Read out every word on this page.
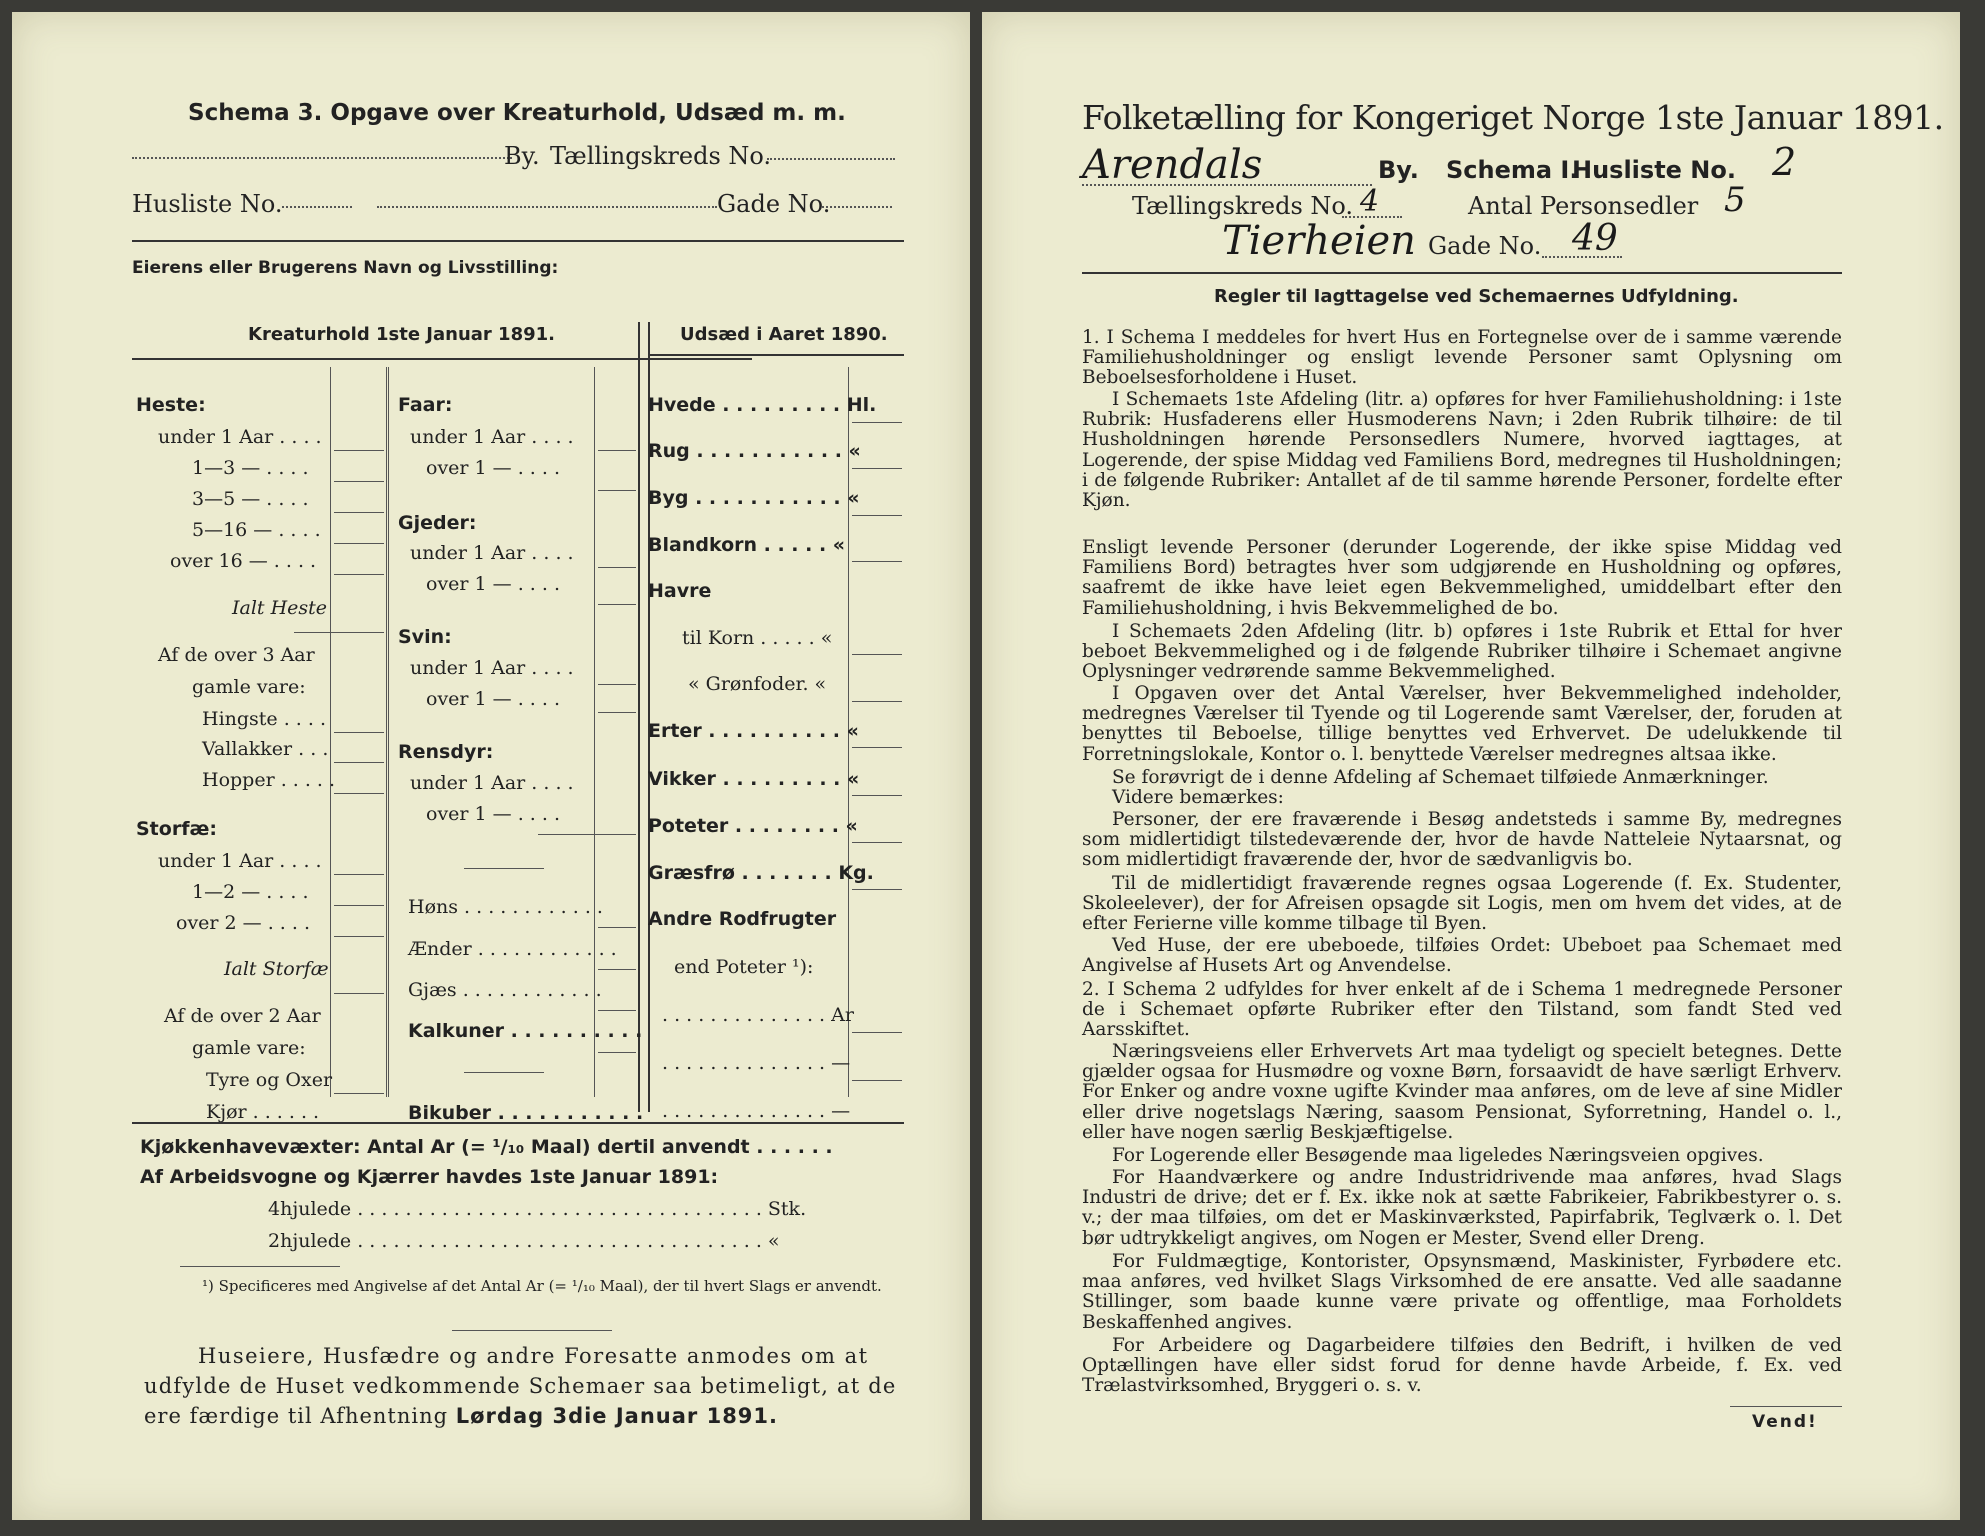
Schema 3. Opgave over Kreaturhold, Udsæd m. m.
By. Tællingskreds No.
Husliste No.	Gade No.
Eierens eller Brugerens Navn og Livsstilling:
Kreaturhold 1ste Januar 1891.	Udsæd i Aaret 1890.
Heste:
under 1 Aar . . . .
1—3 — . . . .
3—5 — . . . .
5—16 — . . . .
over 16 — . . . .
Ialt Heste
Af de over 3 Aar
gamle vare:
Hingste . . . .
Vallakker . . .
Hopper . . . . .
Storfæ:
under 1 Aar . . . .
1—2 — . . . .
over 2 — . . . .
Ialt Storfæ
Af de over 2 Aar
gamle vare:
Tyre og Oxer
Kjør . . . . . .
Faar:
under 1 Aar . . . .
over 1 — . . . .
Gjeder:
under 1 Aar . . . .
over 1 — . . . .
Svin:
under 1 Aar . . . .
over 1 — . . . .
Rensdyr:
under 1 Aar . . . .
over 1 — . . . .
Høns . . . . . . . . . . . .
Ænder . . . . . . . . . . . .
Gjæs . . . . . . . . . . . .
Kalkuner . . . . . . . . . .
Bikuber . . . . . . . . . . .
Hvede . . . . . . . . . Hl.
Rug . . . . . . . . . . . «
Byg . . . . . . . . . . . «
Blandkorn . . . . . «
Havre
til Korn . . . . . «
« Grønfoder. «
Erter . . . . . . . . . . «
Vikker . . . . . . . . . «
Poteter . . . . . . . . «
Græsfrø . . . . . . . Kg.
Andre Rodfrugter
end Poteter ¹):
. . . . . . . . . . . . . . Ar
. . . . . . . . . . . . . . —
. . . . . . . . . . . . . . —
Kjøkkenhavevæxter: Antal Ar (= ¹/₁₀ Maal) dertil anvendt . . . . . .
Af Arbeidsvogne og Kjærrer havdes 1ste Januar 1891:
4hjulede . . . . . . . . . . . . . . . . . . . . . . . . . . . . . . . . . . Stk.
2hjulede . . . . . . . . . . . . . . . . . . . . . . . . . . . . . . . . . . «
¹) Specificeres med Angivelse af det Antal Ar (= ¹/₁₀ Maal), der til hvert Slags er anvendt.
Huseiere, Husfædre og andre Foresatte anmodes om at
udfylde de Huset vedkommende Schemaer saa betimeligt, at de
ere færdige til Afhentning Lørdag 3die Januar 1891.
Folketælling for Kongeriget Norge 1ste Januar 1891.
Arendals	By. Schema I.
Husliste No. 2
Tællingskreds No. 4	Antal Personsedler 5
Tierheien Gade No. 49
Regler til Iagttagelse ved Schemaernes Udfyldning.
1. I Schema I meddeles for hvert Hus en Fortegnelse over de i samme værende Familiehusholdninger og ensligt levende Personer samt Oplysning om Beboelsesforholdene i Huset.
I Schemaets 1ste Afdeling (litr. a) opføres for hver Familiehusholdning: i 1ste Rubrik: Husfaderens eller Husmoderens Navn; i 2den Rubrik tilhøire: de til Husholdningen hørende Personsedlers Numere, hvorved iagttages, at Logerende, der spise Middag ved Familiens Bord, medregnes til Husholdningen; i de følgende Rubriker: Antallet af de til samme hørende Personer, fordelte efter Kjøn.
Ensligt levende Personer (derunder Logerende, der ikke spise Middag ved Familiens Bord) betragtes hver som udgjørende en Husholdning og opføres, saafremt de ikke have leiet egen Bekvemmelighed, umiddelbart efter den Familiehusholdning, i hvis Bekvemmelighed de bo.
I Schemaets 2den Afdeling (litr. b) opføres i 1ste Rubrik et Ettal for hver beboet Bekvemmelighed og i de følgende Rubriker tilhøire i Schemaet angivne Oplysninger vedrørende samme Bekvemmelighed.
I Opgaven over det Antal Værelser, hver Bekvemmelighed indeholder, medregnes Værelser til Tyende og til Logerende samt Værelser, der, foruden at benyttes til Beboelse, tillige benyttes ved Erhvervet. De udelukkende til Forretningslokale, Kontor o. l. benyttede Værelser medregnes altsaa ikke.
Se forøvrigt de i denne Afdeling af Schemaet tilføiede Anmærkninger.
Videre bemærkes:
Personer, der ere fraværende i Besøg andetsteds i samme By, medregnes som midlertidigt tilstedeværende der, hvor de havde Natteleie Nytaarsnat, og som midlertidigt fraværende der, hvor de sædvanligvis bo.
Til de midlertidigt fraværende regnes ogsaa Logerende (f. Ex. Studenter, Skoleelever), der for Afreisen opsagde sit Logis, men om hvem det vides, at de efter Ferierne ville komme tilbage til Byen.
Ved Huse, der ere ubeboede, tilføies Ordet: Ubeboet paa Schemaet med Angivelse af Husets Art og Anvendelse.
2. I Schema 2 udfyldes for hver enkelt af de i Schema 1 medregnede Personer de i Schemaet opførte Rubriker efter den Tilstand, som fandt Sted ved Aarsskiftet.
Næringsveiens eller Erhvervets Art maa tydeligt og specielt betegnes. Dette gjælder ogsaa for Husmødre og voxne Børn, forsaavidt de have særligt Erhverv. For Enker og andre voxne ugifte Kvinder maa anføres, om de leve af sine Midler eller drive nogetslags Næring, saasom Pensionat, Syforretning, Handel o. l., eller have nogen særlig Beskjæftigelse.
For Logerende eller Besøgende maa ligeledes Næringsveien opgives.
For Haandværkere og andre Industridrivende maa anføres, hvad Slags Industri de drive; det er f. Ex. ikke nok at sætte Fabrikeier, Fabrikbestyrer o. s. v.; der maa tilføies, om det er Maskinværksted, Papirfabrik, Teglværk o. l. Det bør udtrykkeligt angives, om Nogen er Mester, Svend eller Dreng.
For Fuldmægtige, Kontorister, Opsynsmænd, Maskinister, Fyrbødere etc. maa anføres, ved hvilket Slags Virksomhed de ere ansatte. Ved alle saadanne Stillinger, som baade kunne være private og offentlige, maa Forholdets Beskaffenhed angives.
For Arbeidere og Dagarbeidere tilføies den Bedrift, i hvilken de ved Optællingen have eller sidst forud for denne havde Arbeide, f. Ex. ved Trælastvirksomhed, Bryggeri o. s. v.
Vend!
